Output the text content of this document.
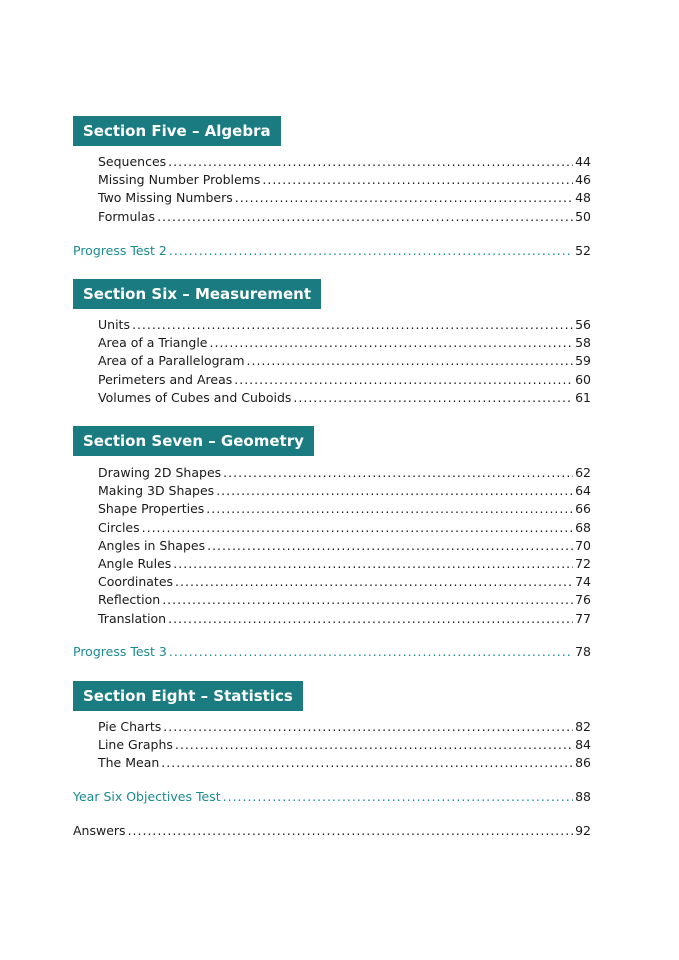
Section Five – Algebra
Sequences .....	44
Missing Number Problems .....	46
Two Missing Numbers .....	48
Formulas .....	50
Section Six – Measurement
Units .....	56
Area of a Triangle .....	58
Area of a Parallelogram .....	59
Perimeters and Areas .....	60
Volumes of Cubes and Cuboids .....	61
Section Seven – Geometry
Drawing 2D Shapes .....	62
Making 3D Shapes .....	64
Shape Properties .....	66
Circles .....	68
Angles in Shapes .....	70
Angle Rules .....	72
Coordinates .....	74
Reflection .....	76
Translation .....	77
Section Eight – Statistics
Pie Charts .....	82
Line Graphs .....	84
The Mean .....	86
Progress Test 2 .....	52
Progress Test 3 .....	78
Year Six Objectives Test .....	88
Answers .....	92
